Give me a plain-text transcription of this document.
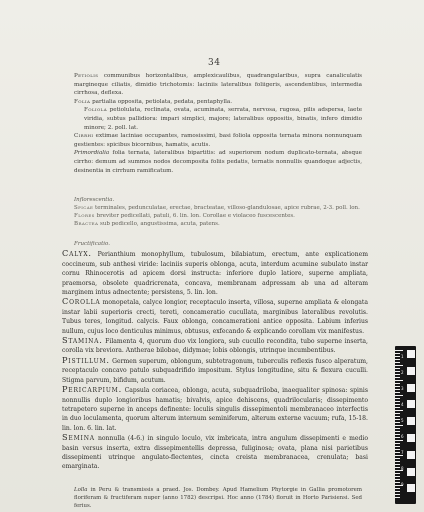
34
Petiolis communibus horizontalibus, amplexicaulibus, quadrangularibus, supra canaliculatis margineque ciliatis, dimidio trichotomis: laciniis lateralibus foliigeris, ascendentibus, intermedia cirrhosa, deflexa.
Folia partialia opposita, petiolata, pedata, pentaphylla.
Foliola petiolulata, reclinata, ovata, acuminata, serrata, nervosa, rugosa, pilis adspersa, laete viridia, subtus pallidiora: impari simplici, majore; lateralibus oppositis, binatis, infero dimidio minore; 2. poll. lat.
Cirrhi extimae laciniae occupantes, ramosissimi, basi foliola opposita ternata minora nonnunquam gestientes: spicibus bicornibus, hamatis, acutis.
Primordialia folia ternata, lateralibus bipartitis: ad superiorem nodum duplicato-ternata, absque cirrho: demum ad summos nodos decomposita foliis pedatis, ternatis nonnullis quandoque adjectis, desinentia in cirrhum ramificatum.
Inflorescentia.
Spicae terminales, pedunculatae, erectae, bracteatae, villoso-glandulosae, apice rubrae, 2-3. poll. lon.
Flores breviter pedicellati, patuli, 6. lin. lon. Corollae e violaceo fuscescentes.
Bractea sub pedicello, angustissima, acuta, patens.
Fructificatio.
Calyx. Perianthium monophyllum, tubulosum, bilabiatum, erectum, ante explicationem coccineum, sub anthesi viride: laciniis superis oblonga, acuta, interdum acumine subulato instar cornu Rhinocerotis ad apicem dorsi instructa: inferiore duplo latiore, superne ampliata, praemorsa, obsolete quadricrenata, concava, membranam adpressam ab una ad alteram marginem intus adnectente; persistens, 5. lin. lon.
Corolla monopetala, calyce longior, receptaculo inserta, villosa, superne ampliata & elongata instar labii superioris crecti, tereti, concameratio cucullata, marginibus lateralibus revolutis. Tubus teres, longitud. calycis. Faux oblonga, concamerationi antice opposita. Labium inferius nullum, cujus loco denticulus minimus, obtusus, exfecando & explicando corollam vix manifestus.
Stamina. Filamenta 4, quorum duo vix longiora, sub cucullo recondita, tubo superne inserta, corolla vix breviora. Antherae bilobae, didymae; lobis oblongis, utrinque incumbentibus.
Pistillum. Germen superum, oblongum, subtetragonum, tuberculis reflexis fusco alperatum, receptaculo concavo patulo subquadrifido impositum. Stylus longitudine, situ & flexura cuculli. Stigma parvum, bifidum, acutum.
Pericarpium. Capsula coriacea, oblonga, acuta, subquadriloba, inaequaliter spinosa: spinis nonnullis duplo longioribus hamatis; bivalvis, apice dehiscens, quadrilocularis; dissepimento tetrapetero superne in anceps definente: loculis singulis dissepimentoli membranaceo interfectis in duo loculamenta, quorum alterum internum seminiferum, alterum externe vacuum; rufa, 15-18. lin. lon. 6. lin. lat.
Semina nonnulla (4-6.) in singulo loculo, vix imbricata, intra angulum dissepimenti e medio basin versus inserta, extra dissepimentellis depressa, fuliginosa; ovata, plana nisi parietibus dissepimenti utrinque angulato-flectentes, cincta creista membranacea, crenulata; basi emarginata.
Lolla in Peru & transmissis a praed. Jos. Dombey. Apud Hamelium Phytorgie in Gallia promotorem floriferam & fructiferam nuper (anno 1782) descripsi. Hoc anno (1784) floruit in Horto Parisiensi. Sed ferius.
1
2
3
4
5
6
7
8
9
